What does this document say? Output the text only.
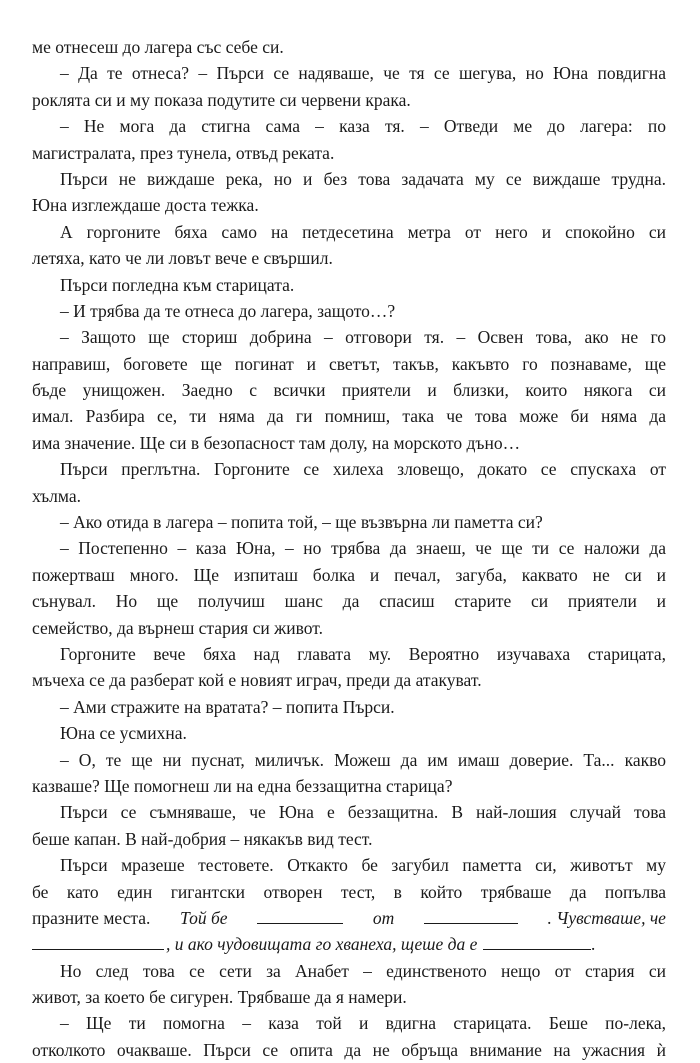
ме отнесеш до лагера със себе си.
– Да те отнеса? – Пърси се надяваше, че тя се шегува, но Юна повдигна
роклята си и му показа подутите си червени крака.
– Не мога да стигна сама – каза тя. – Отведи ме до лагера: по
магистралата, през тунела, отвъд реката.
Пърси не виждаше река, но и без това задачата му се виждаше трудна.
Юна изглеждаше доста тежка.
А горгоните бяха само на петдесетина метра от него и спокойно си
летяха, като че ли ловът вече е свършил.
Пърси погледна към старицата.
– И трябва да те отнеса до лагера, защото…?
– Защото ще сториш добрина – отговори тя. – Освен това, ако не го
направиш, боговете ще погинат и светът, такъв, какъвто го познаваме, ще
бъде унищожен. Заедно с всички приятели и близки, които някога си
имал. Разбира се, ти няма да ги помниш, така че това може би няма да
има значение. Ще си в безопасност там долу, на морското дъно…
Пърси преглътна. Горгоните се хилеха зловещо, докато се спускаха от
хълма.
– Ако отида в лагера – попита той, – ще възвърна ли паметта си?
– Постепенно – каза Юна, – но трябва да знаеш, че ще ти се наложи да
пожертваш много. Ще изпиташ болка и печал, загуба, каквато не си и
сънувал. Но ще получиш шанс да спасиш старите си приятели и
семейство, да върнеш стария си живот.
Горгоните вече бяха над главата му. Вероятно изучаваха старицата,
мъчеха се да разберат кой е новият играч, преди да атакуват.
– Ами стражите на вратата? – попита Пърси.
Юна се усмихна.
– О, те ще ни пуснат, миличък. Можеш да им имаш доверие. Та... какво
казваше? Ще помогнеш ли на една беззащитна старица?
Пърси се съмняваше, че Юна е беззащитна. В най-лошия случай това
беше капан. В най-добрия – някакъв вид тест.
Пърси мразеше тестовете. Откакто бе загубил паметта си, животът му
бе като един гигантски отворен тест, в който трябваше да попълва
празните места. Той бе	от	. Чувстваше, че
, и ако чудовищата го хванеха, щеше да е	.
Но след това се сети за Анабет – единственото нещо от стария си
живот, за което бе сигурен. Трябваше да я намери.
– Ще ти помогна – каза той и вдигна старицата. Беше по-лека,
отколкото очакваше. Пърси се опита да не обръща внимание на ужасния ѝ
